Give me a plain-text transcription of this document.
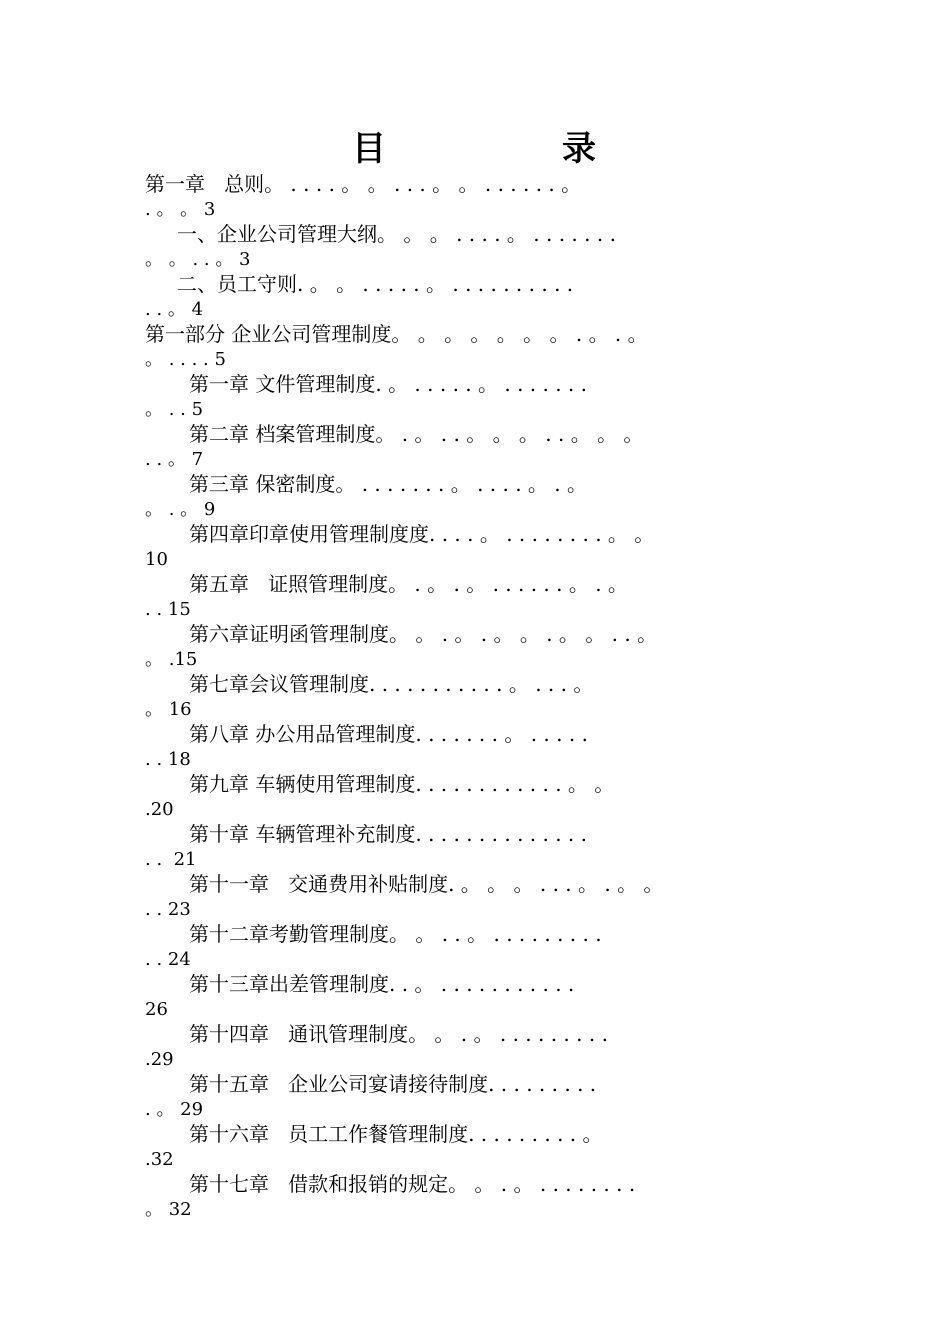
目	录
第一章   总则。 . . . . 。 。 . . . 。 。 . . . . . . 。
. 。 。 3
一、企业公司管理大纲。 。 。 . . . . 。 . . . . . . .
。 。 . . 。 3
二、员工守则. 。 。 . . . . . 。 . . . . . . . . . .
. . 。 4
第一部分 企业公司管理制度。 。 。 。 。 。 。 . 。 . 。
。 . . . . 5
第一章 文件管理制度. 。 . . . . . 。 . . . . . . .
。 . . 5
第二章 档案管理制度。 . 。 . . 。 。 。 . . 。 。 。
. . 。 7
第三章 保密制度。 . . . . . . . 。 . . . . 。 . 。
。 . 。 9
第四章印章使用管理制度度. . . . 。 . . . . . . . . 。 。
10
第五章   证照管理制度。 . 。 . 。 . . . . . . 。 . 。
. . 15
第六章证明函管理制度。 。 . 。 . 。 。 . 。 。 . . 。
。 .15
第七章会议管理制度. . . . . . . . . . . 。 . . . 。
。 16
第八章 办公用品管理制度. . . . . . . 。 . . . . .
. . 18
第九章 车辆使用管理制度. . . . . . . . . . . . 。 。
.20
第十章 车辆管理补充制度. . . . . . . . . . . . . .
. .  21
第十一章   交通费用补贴制度. 。 。 。 . . . 。 . 。 。
. . 23
第十二章考勤管理制度。 。 . . 。 . . . . . . . . .
. . 24
第十三章出差管理制度. . 。 . . . . . . . . . . .
26
第十四章   通讯管理制度。 。 . 。 . . . . . . . . .
.29
第十五章   企业公司宴请接待制度. . . . . . . . .
. 。 29
第十六章   员工工作餐管理制度. . . . . . . . . 。
.32
第十七章   借款和报销的规定。 。 . 。 . . . . . . . .
。 32
